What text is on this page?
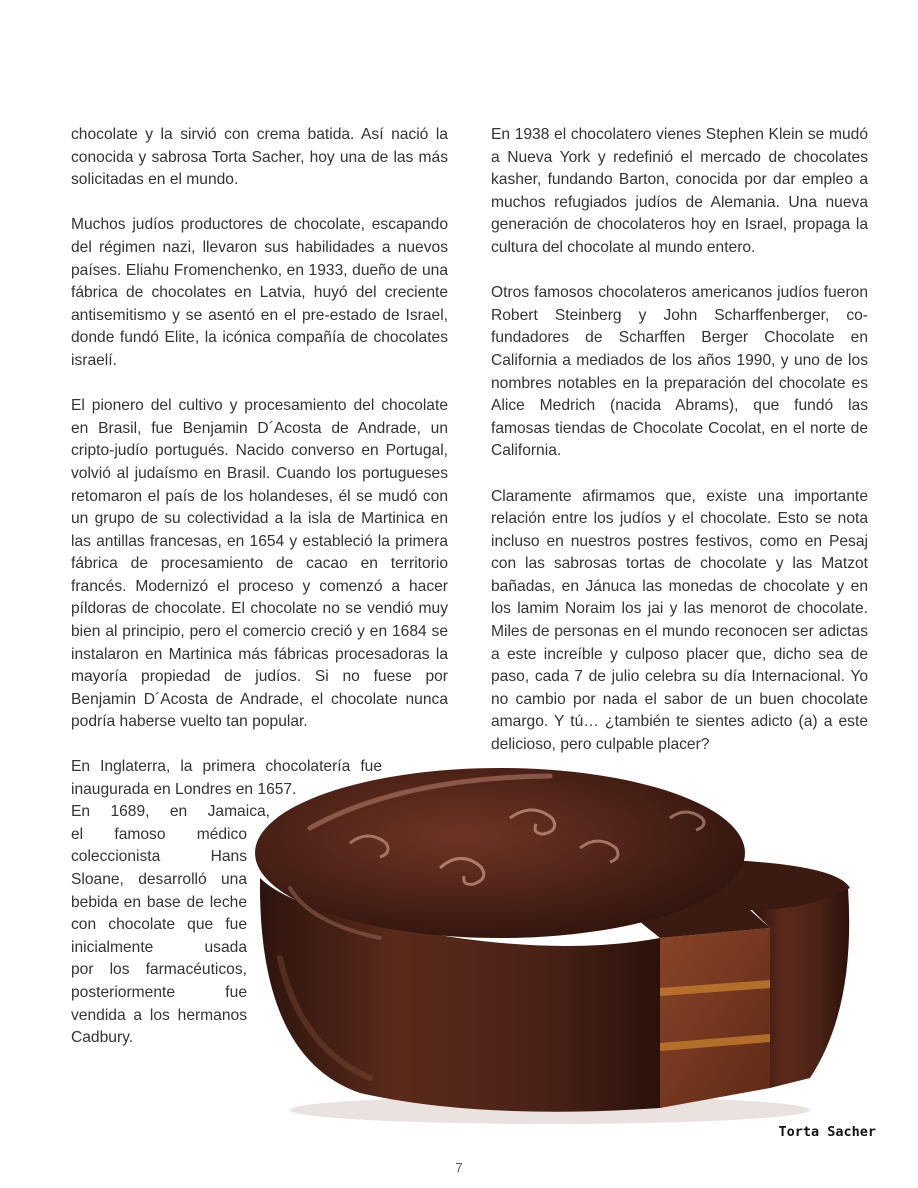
chocolate y la sirvió con crema batida. Así nació la conocida y sabrosa Torta Sacher, hoy una de las más solicitadas en el mundo.

Muchos judíos productores de chocolate, escapando del régimen nazi, llevaron sus habilidades a nuevos países. Eliahu Fromenchenko, en 1933, dueño de una fábrica de chocolates en Latvia, huyó del creciente antisemitismo y se asentó en el pre-estado de Israel, donde fundó Elite, la icónica compañía de chocolates israelí.

El pionero del cultivo y procesamiento del chocolate en Brasil, fue Benjamin D´Acosta de Andrade, un cripto-judío portugués. Nacido converso en Portugal, volvió al judaísmo en Brasil. Cuando los portugueses retomaron el país de los holandeses, él se mudó con un grupo de su colectividad a la isla de Martinica en las antillas francesas, en 1654 y estableció la primera fábrica de procesamiento de cacao en territorio francés. Modernizó el proceso y comenzó a hacer píldoras de chocolate. El chocolate no se vendió muy bien al principio, pero el comercio creció y en 1684 se instalaron en Martinica más fábricas procesadoras la mayoría propiedad de judíos. Si no fuese por Benjamin D´Acosta de Andrade, el chocolate nunca podría haberse vuelto tan popular.

En 1938 el chocolatero vienes Stephen Klein se mudó a Nueva York y redefinió el mercado de chocolates kasher, fundando Barton, conocida por dar empleo a muchos refugiados judíos de Alemania. Una nueva generación de chocolateros hoy en Israel, propaga la cultura del chocolate al mundo entero.

Otros famosos chocolateros americanos judíos fueron Robert Steinberg y John Scharffenberger, co-fundadores de Scharffen Berger Chocolate en California a mediados de los años 1990, y uno de los nombres notables en la preparación del chocolate es Alice Medrich (nacida Abrams), que fundó las famosas tiendas de Chocolate Cocolat, en el norte de California.

Claramente afirmamos que, existe una importante relación entre los judíos y el chocolate. Esto se nota incluso en nuestros postres festivos, como en Pesaj con las sabrosas tortas de chocolate y las Matzot bañadas, en Jánuca las monedas de chocolate y en los lamim Noraim los jai y las menorot de chocolate. Miles de personas en el mundo reconocen ser adictas a este increíble y culposo placer que, dicho sea de paso, cada 7 de julio celebra su día Internacional. Yo no cambio por nada el sabor de un buen chocolate amargo. Y tú… ¿también te sientes adicto (a) a este delicioso, pero culpable placer?

En Inglaterra, la primera chocolatería fue
inaugurada en Londres en 1657.
En 1689, en Jamaica,
el famoso médico
coleccionista Hans
Sloane, desarrolló una
bebida en base de leche
con chocolate que fue
inicialmente usada
por los farmacéuticos,
posteriormente fue
vendida a los hermanos
Cadbury.
Torta Sacher
7
